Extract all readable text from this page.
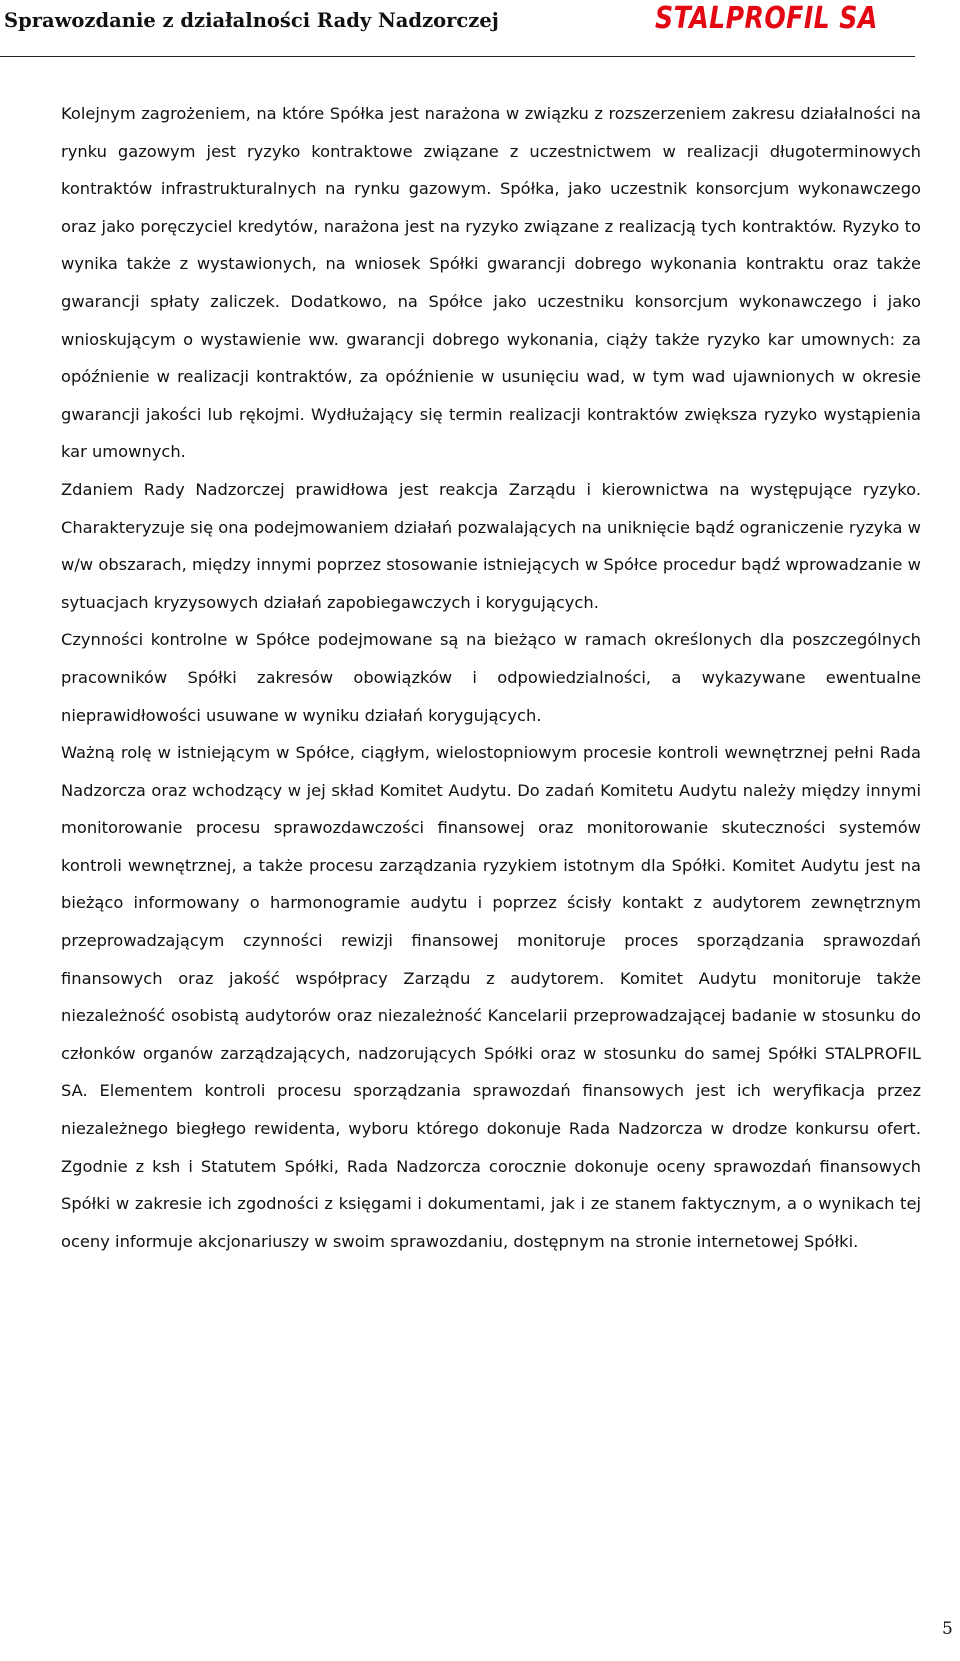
Sprawozdanie z działalności Rady Nadzorczej	STALPROFIL SA

Kolejnym zagrożeniem, na które Spółka jest narażona w związku z rozszerzeniem zakresu działalności na rynku gazowym jest ryzyko kontraktowe związane z uczestnictwem w realizacji długoterminowych kontraktów infrastrukturalnych na rynku gazowym. Spółka, jako uczestnik konsorcjum wykonawczego oraz jako poręczyciel kredytów, narażona jest na ryzyko związane z realizacją tych kontraktów. Ryzyko to wynika także z wystawionych, na wniosek Spółki gwarancji dobrego wykonania kontraktu oraz także gwarancji spłaty zaliczek. Dodatkowo, na Spółce jako uczestniku konsorcjum wykonawczego i jako wnioskującym o wystawienie ww. gwarancji dobrego wykonania, ciąży także ryzyko kar umownych: za opóźnienie w realizacji kontraktów, za opóźnienie w usunięciu wad, w tym wad ujawnionych w okresie gwarancji jakości lub rękojmi. Wydłużający się termin realizacji kontraktów zwiększa ryzyko wystąpienia kar umownych.

Zdaniem Rady Nadzorczej prawidłowa jest reakcja Zarządu i kierownictwa na występujące ryzyko. Charakteryzuje się ona podejmowaniem działań pozwalających na uniknięcie bądź ograniczenie ryzyka w w/w obszarach, między innymi poprzez stosowanie istniejących w Spółce procedur bądź wprowadzanie w sytuacjach kryzysowych działań zapobiegawczych i korygujących.

Czynności kontrolne w Spółce podejmowane są na bieżąco w ramach określonych dla poszczególnych pracowników Spółki zakresów obowiązków i odpowiedzialności, a wykazywane ewentualne nieprawidłowości usuwane w wyniku działań korygujących.

Ważną rolę w istniejącym w Spółce, ciągłym, wielostopniowym procesie kontroli wewnętrznej pełni Rada Nadzorcza oraz wchodzący w jej skład Komitet Audytu. Do zadań Komitetu Audytu należy między innymi monitorowanie procesu sprawozdawczości finansowej oraz monitorowanie skuteczności systemów kontroli wewnętrznej, a także procesu zarządzania ryzykiem istotnym dla Spółki. Komitet Audytu jest na bieżąco informowany o harmonogramie audytu i poprzez ścisły kontakt z audytorem zewnętrznym przeprowadzającym czynności rewizji finansowej monitoruje proces sporządzania sprawozdań finansowych oraz jakość współpracy Zarządu z audytorem. Komitet Audytu monitoruje także niezależność osobistą audytorów oraz niezależność Kancelarii przeprowadzającej badanie w stosunku do członków organów zarządzających, nadzorujących Spółki oraz w stosunku do samej Spółki STALPROFIL SA. Elementem kontroli procesu sporządzania sprawozdań finansowych jest ich weryfikacja przez niezależnego biegłego rewidenta, wyboru którego dokonuje Rada Nadzorcza w drodze konkursu ofert. Zgodnie z ksh i Statutem Spółki, Rada Nadzorcza corocznie dokonuje oceny sprawozdań finansowych Spółki w zakresie ich zgodności z księgami i dokumentami, jak i ze stanem faktycznym, a o wynikach tej oceny informuje akcjonariuszy w swoim sprawozdaniu, dostępnym na stronie internetowej Spółki.

5
